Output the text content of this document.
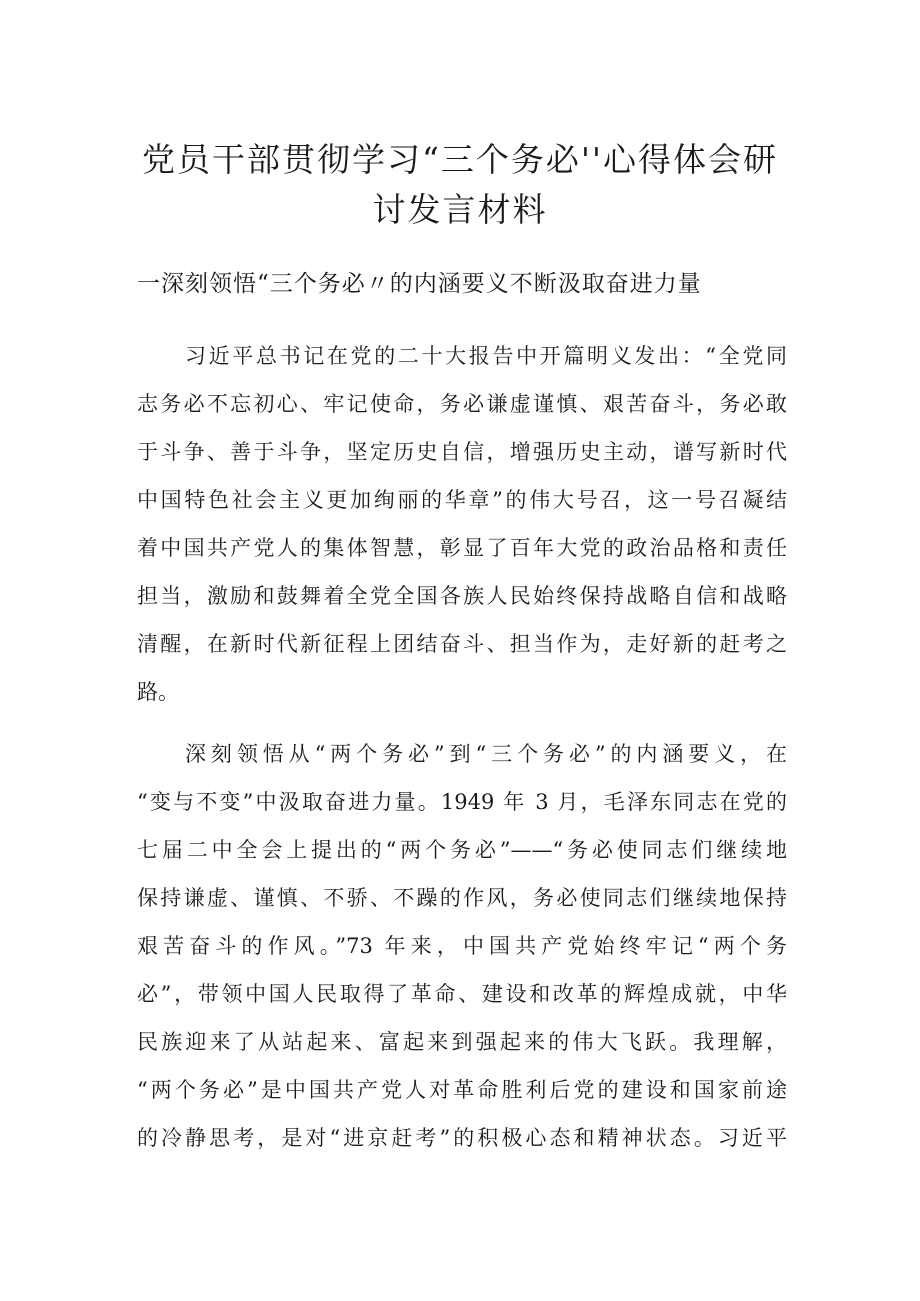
党员干部贯彻学习“三个务必''心得体会研
讨发言材料
一深刻领悟“三个务必〃的内涵要义不断汲取奋进力量

习近平总书记在党的二十大报告中开篇明义发出：“全党同

志务必不忘初心、牢记使命，务必谦虚谨慎、艰苦奋斗，务必敢

于斗争、善于斗争，坚定历史自信，增强历史主动，谱写新时代

中国特色社会主义更加绚丽的华章”的伟大号召，这一号召凝结

着中国共产党人的集体智慧，彰显了百年大党的政治品格和责任

担当，激励和鼓舞着全党全国各族人民始终保持战略自信和战略

清醒，在新时代新征程上团结奋斗、担当作为，走好新的赶考之

路。

深刻领悟从“两个务必”到“三个务必”的内涵要义，在

“变与不变”中汲取奋进力量。1949 年 3 月，毛泽东同志在党的

七届二中全会上提出的“两个务必”——“务必使同志们继续地

保持谦虚、谨慎、不骄、不躁的作风，务必使同志们继续地保持

艰苦奋斗的作风。”73 年来，中国共产党始终牢记“两个务

必”，带领中国人民取得了革命、建设和改革的辉煌成就，中华

民族迎来了从站起来、富起来到强起来的伟大飞跃。我理解，

“两个务必”是中国共产党人对革命胜利后党的建设和国家前途

的冷静思考，是对“进京赶考”的积极心态和精神状态。习近平
